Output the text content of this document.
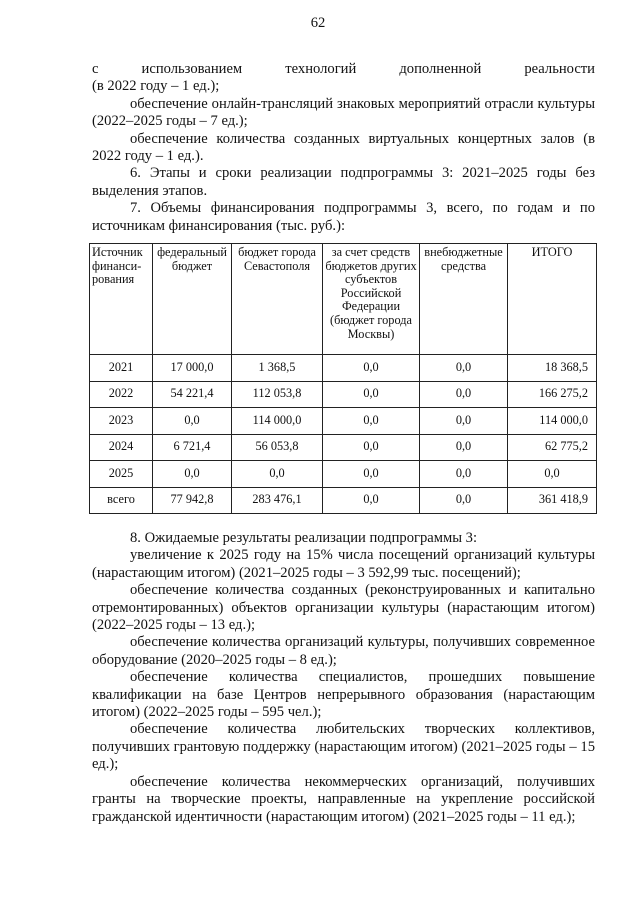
62

с использованием технологий дополненной реальности

(в 2022 году – 1 ед.);

обеспечение онлайн-трансляций знаковых мероприятий отрасли культуры (2022–2025 годы – 7 ед.);

обеспечение количества созданных виртуальных концертных залов (в 2022 году – 1 ед.).

6. Этапы и сроки реализации подпрограммы 3: 2021–2025 годы без выделения этапов.

7. Объемы финансирования подпрограммы 3, всего, по годам и по источникам финансирования (тыс. руб.):

Источник финанси-рования	федеральный бюджет	бюджет города Севастополя	за счет средств бюджетов других субъектов Российской Федерации (бюджет города Москвы)	внебюджетные средства	ИТОГО
2021	17 000,0	1 368,5	0,0	0,0	18 368,5
2022	54 221,4	112 053,8	0,0	0,0	166 275,2
2023	0,0	114 000,0	0,0	0,0	114 000,0
2024	6 721,4	56 053,8	0,0	0,0	62 775,2
2025	0,0	0,0	0,0	0,0	0,0
всего	77 942,8	283 476,1	0,0	0,0	361 418,9

8. Ожидаемые результаты реализации подпрограммы 3:

увеличение к 2025 году на 15% числа посещений организаций культуры (нарастающим итогом) (2021–2025 годы – 3 592,99 тыс. посещений);

обеспечение количества созданных (реконструированных и капитально отремонтированных) объектов организации культуры (нарастающим итогом) (2022–2025 годы – 13 ед.);

обеспечение количества организаций культуры, получивших современное оборудование (2020–2025 годы – 8 ед.);

обеспечение количества специалистов, прошедших повышение квалификации на базе Центров непрерывного образования (нарастающим итогом) (2022–2025 годы – 595 чел.);

обеспечение количества любительских творческих коллективов, получивших грантовую поддержку (нарастающим итогом) (2021–2025 годы – 15 ед.);

обеспечение количества некоммерческих организаций, получивших гранты на творческие проекты, направленные на укрепление российской гражданской идентичности (нарастающим итогом) (2021–2025 годы – 11 ед.);
